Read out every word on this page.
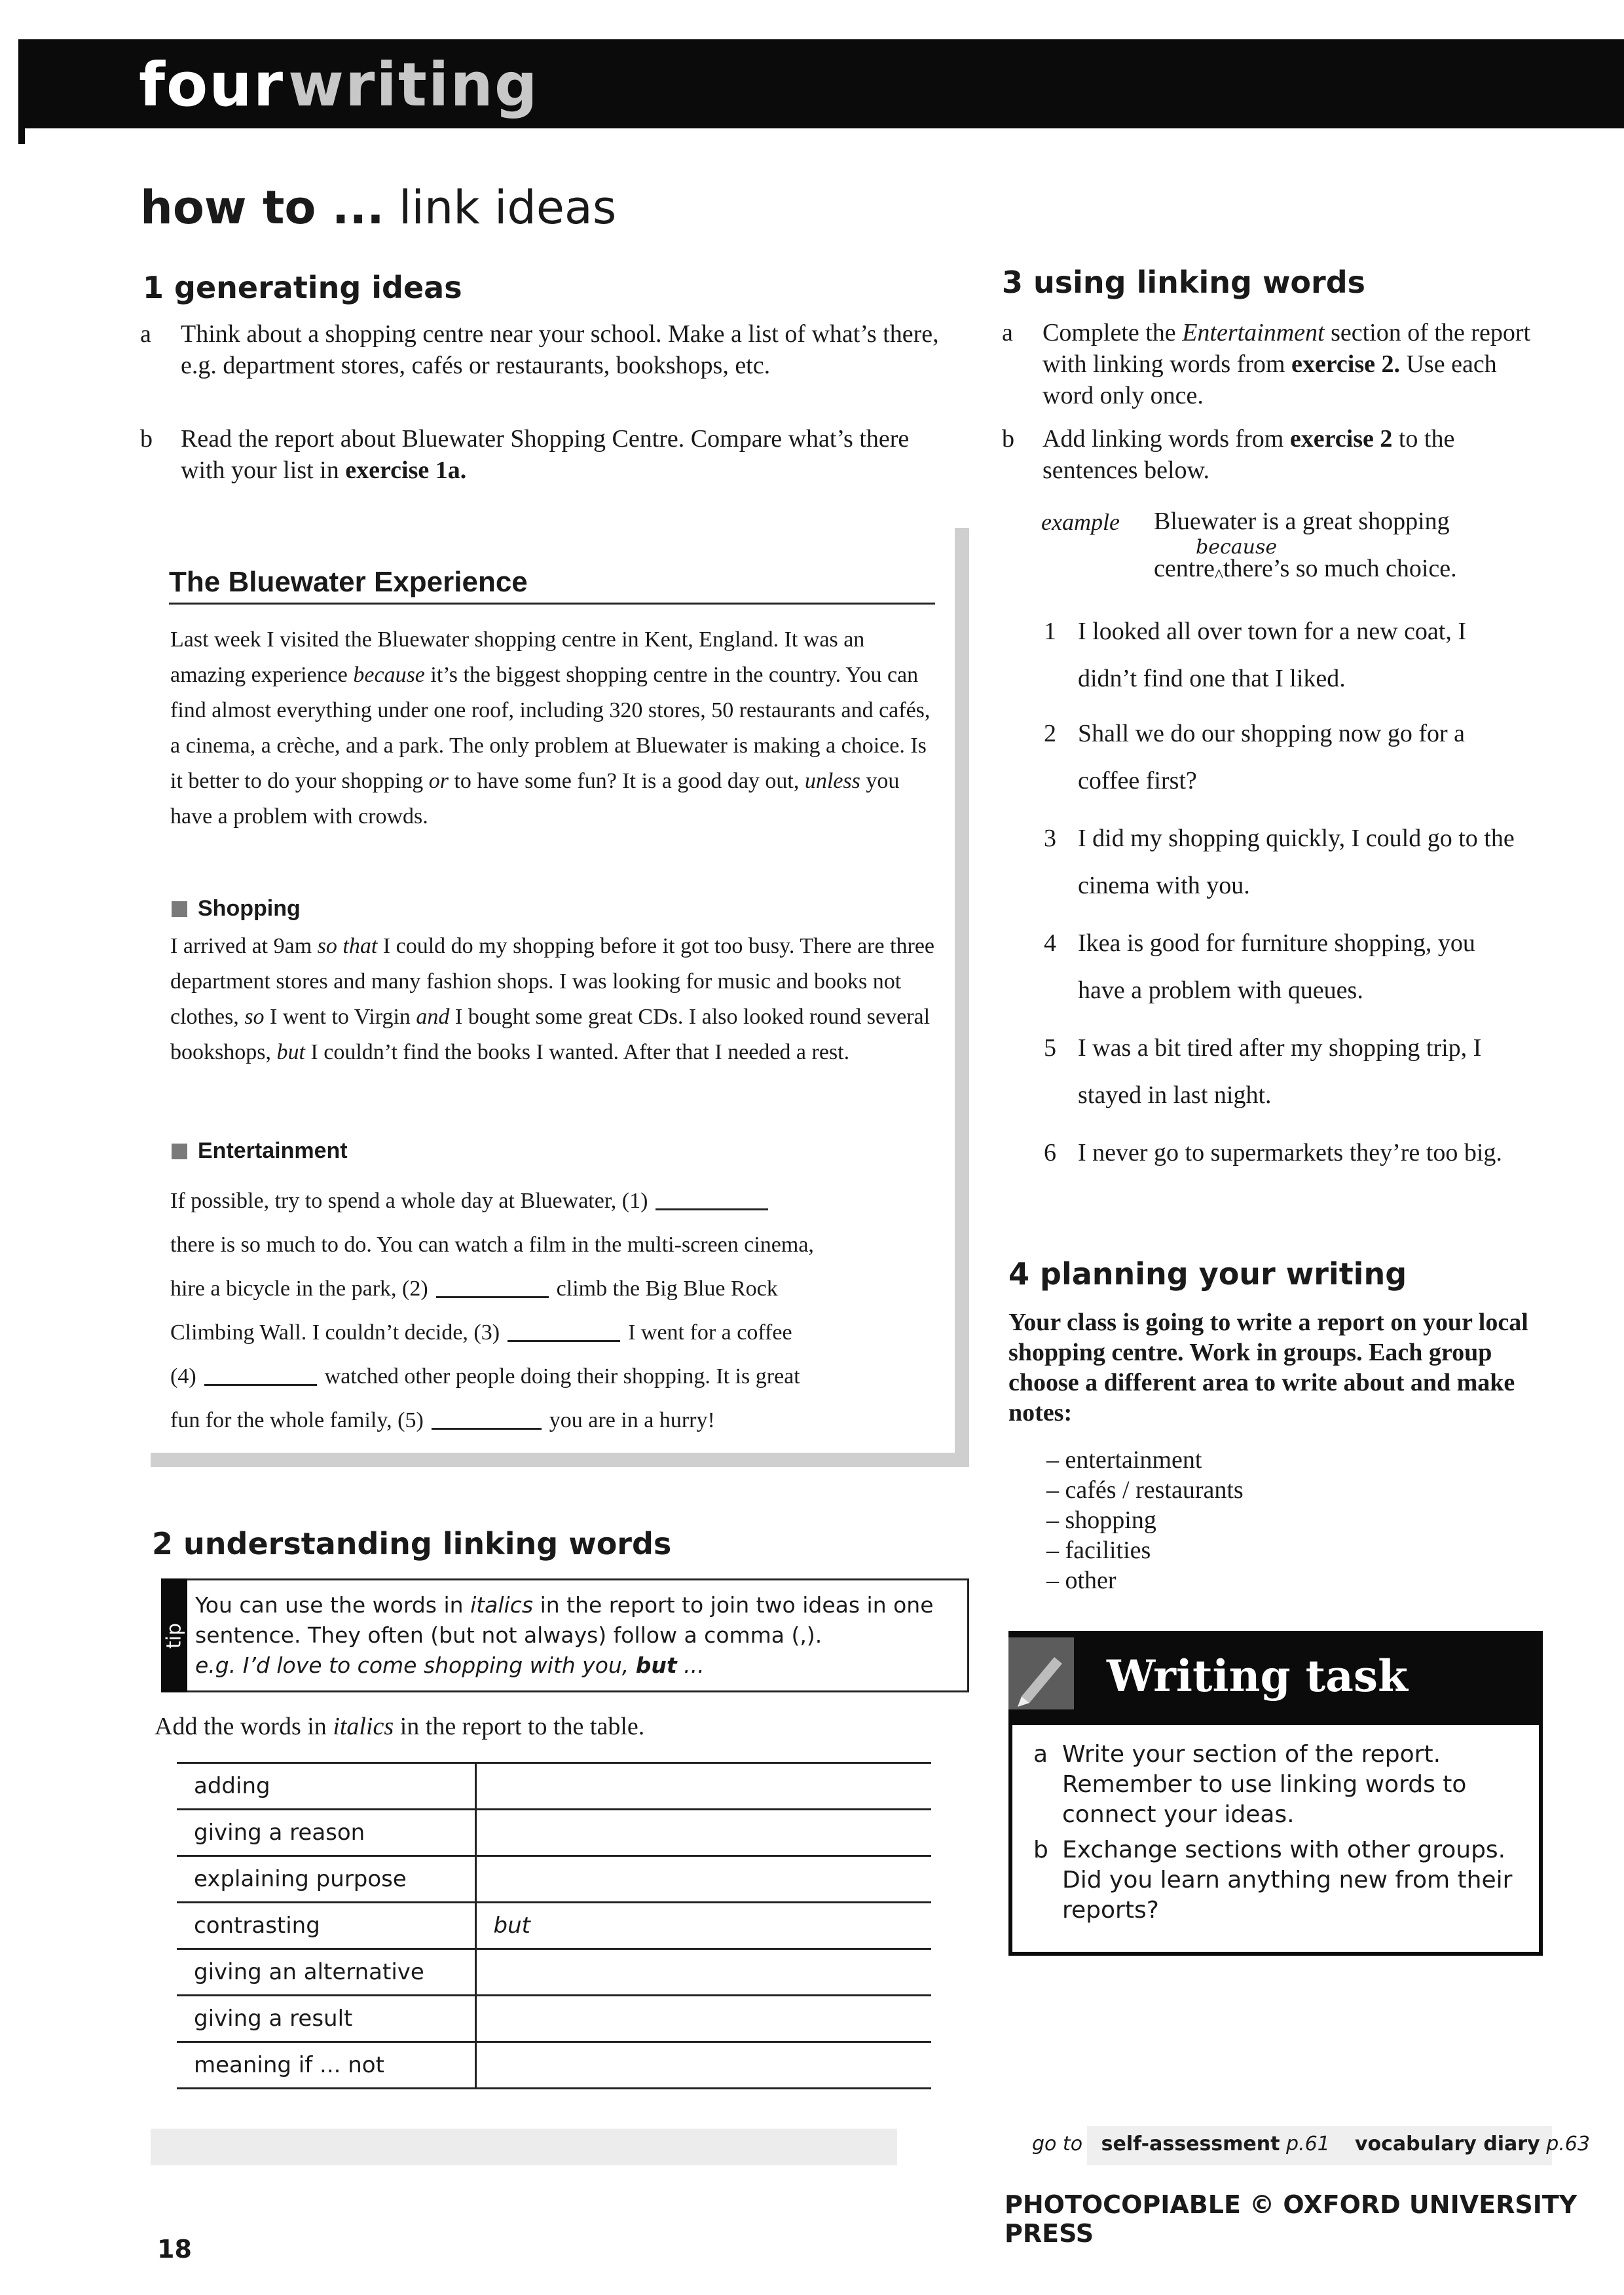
four writing
how to ... link ideas
1 generating ideas
a	Think about a shopping centre near your school. Make a list of what’s there, e.g. department stores, cafés or restaurants, bookshops, etc.
b	Read the report about Bluewater Shopping Centre. Compare what’s there with your list in exercise 1a.
The Bluewater Experience
Last week I visited the Bluewater shopping centre in Kent, England. It was an amazing experience because it’s the biggest shopping centre in the country. You can find almost everything under one roof, including 320 stores, 50 restaurants and cafés, a cinema, a crèche, and a park. The only problem at Bluewater is making a choice. Is it better to do your shopping or to have some fun? It is a good day out, unless you have a problem with crowds.
Shopping
I arrived at 9am so that I could do my shopping before it got too busy. There are three department stores and many fashion shops. I was looking for music and books not clothes, so I went to Virgin and I bought some great CDs. I also looked round several bookshops, but I couldn’t find the books I wanted. After that I needed a rest.
Entertainment
If possible, try to spend a whole day at Bluewater, (1)
there is so much to do. You can watch a film in the multi-screen cinema,
hire a bicycle in the park, (2)	climb the Big Blue Rock
Climbing Wall. I couldn’t decide, (3)	I went for a coffee
(4)	watched other people doing their shopping. It is great
fun for the whole family, (5)	you are in a hurry!
2 understanding linking words
tip
You can use the words in italics in the report to join two ideas in one sentence. They often (but not always) follow a comma (,).
e.g. I’d love to come shopping with you, but ...
Add the words in italics in the report to the table.
adding	
giving a reason	
explaining purpose	
contrasting	but
giving an alternative	
giving a result	
meaning if ... not	
3 using linking words
a	Complete the Entertainment section of the report with linking words from exercise 2. Use each word only once.
b	Add linking words from exercise 2 to the sentences below.
example Bluewater is a great shopping
because
centre$_{\^{}}$there’s so much choice.
1 I looked all over town for a new coat, I didn’t find one that I liked.
2 Shall we do our shopping now go for a coffee first?
3 I did my shopping quickly, I could go to the cinema with you.
4 Ikea is good for furniture shopping, you have a problem with queues.
5 I was a bit tired after my shopping trip, I stayed in last night.
6 I never go to supermarkets they’re too big.
4 planning your writing
Your class is going to write a report on your local shopping centre. Work in groups. Each group choose a different area to write about and make notes:
– entertainment
– cafés / restaurants
– shopping
– facilities
– other
Writing task
a Write your section of the report. Remember to use linking words to connect your ideas.
b Exchange sections with other groups. Did you learn anything new from their reports?
go to self-assessment p.61 vocabulary diary p.63
18
PHOTOCOPIABLE © OXFORD UNIVERSITY PRESS
